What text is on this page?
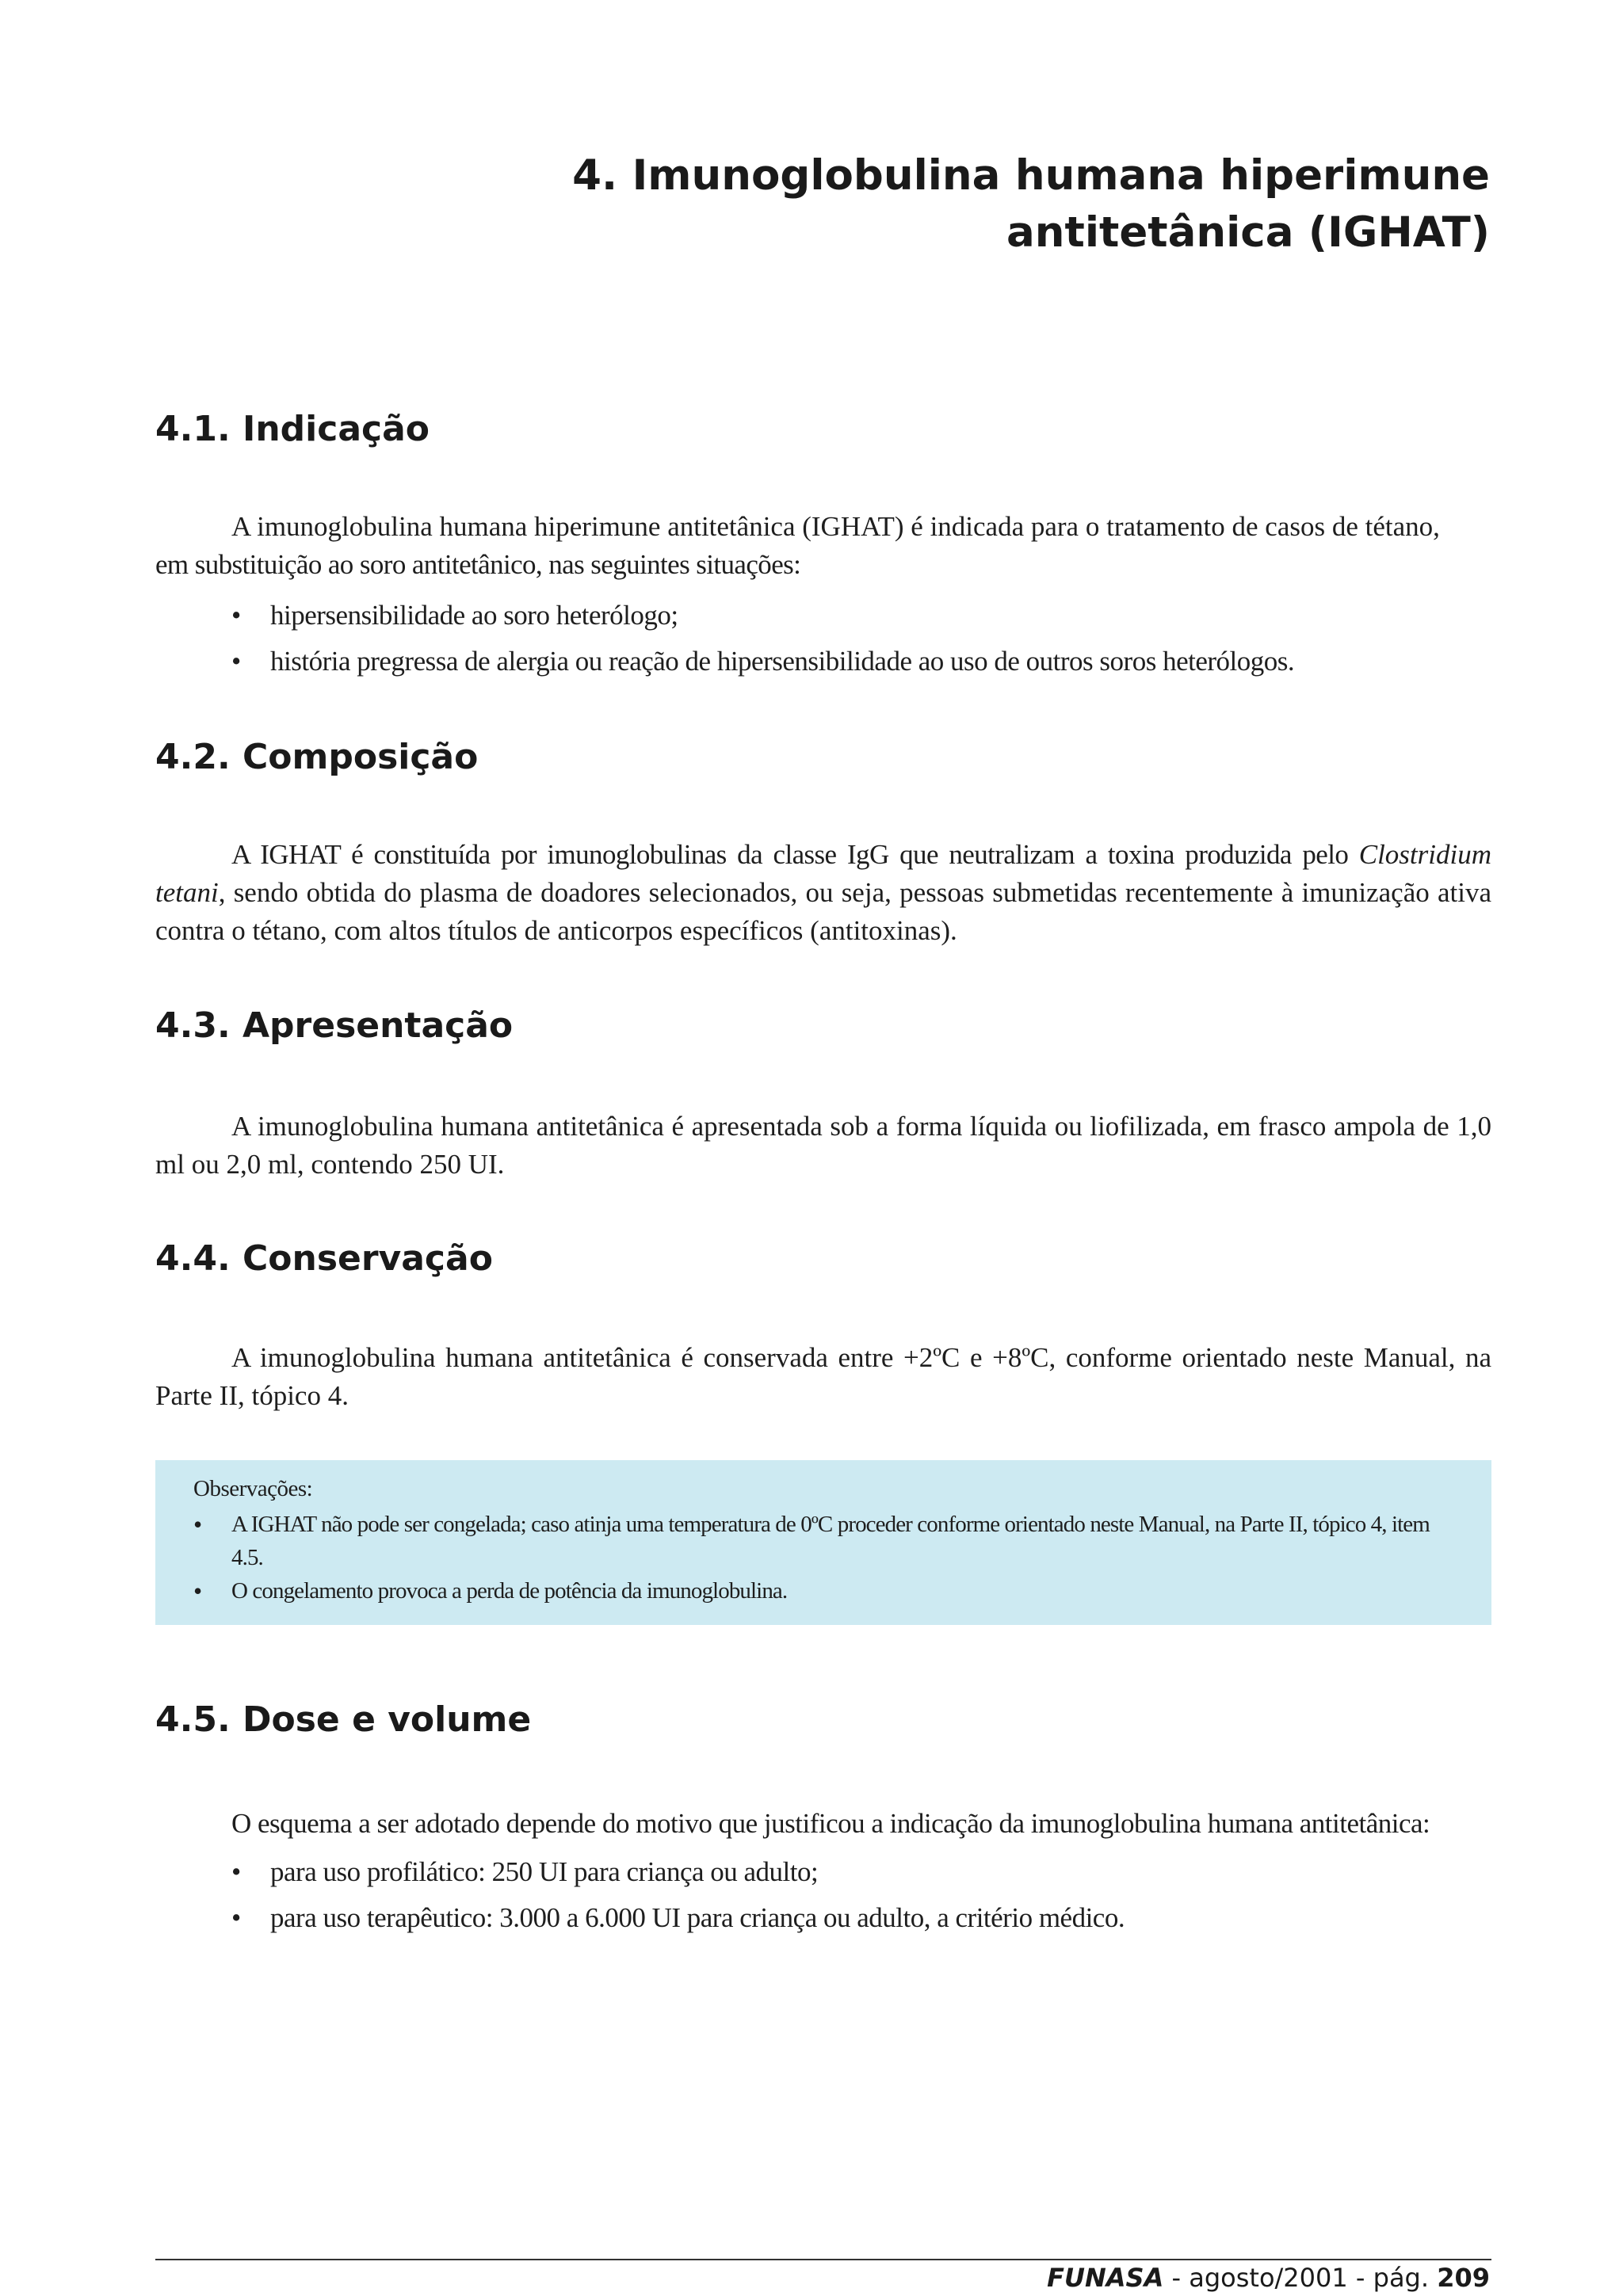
4. Imunoglobulina humana hiperimune
antitetânica (IGHAT)
4.1. Indicação

A imunoglobulina humana hiperimune antitetânica (IGHAT) é indicada para o tratamento de casos de tétano,
em substituição ao soro antitetânico, nas seguintes situações:

• hipersensibilidade ao soro heterólogo;
• história pregressa de alergia ou reação de hipersensibilidade ao uso de outros soros heterólogos.
4.2. Composição

A IGHAT é constituída por imunoglobulinas da classe IgG que neutralizam a toxina produzida pelo Clostridium tetani, sendo obtida do plasma de doadores selecionados, ou seja, pessoas submetidas recentemente à imunização ativa contra o tétano, com altos títulos de anticorpos específicos (antitoxinas).

4.3. Apresentação

A imunoglobulina humana antitetânica é apresentada sob a forma líquida ou liofilizada, em frasco ampola de 1,0 ml ou 2,0 ml, contendo 250 UI.

4.4. Conservação

A imunoglobulina humana antitetânica é conservada entre +2ºC e +8ºC, conforme orientado neste Manual, na Parte II, tópico 4.

Observações:

• A IGHAT não pode ser congelada; caso atinja uma temperatura de 0ºC proceder conforme orientado neste Manual, na Parte II, tópico 4, item 4.5.
• O congelamento provoca a perda de potência da imunoglobulina.
4.5. Dose e volume

O esquema a ser adotado depende do motivo que justificou a indicação da imunoglobulina humana antitetânica:

• para uso profilático: 250 UI para criança ou adulto;
• para uso terapêutico: 3.000 a 6.000 UI para criança ou adulto, a critério médico.

FUNASA - agosto/2001 - pág. 209
